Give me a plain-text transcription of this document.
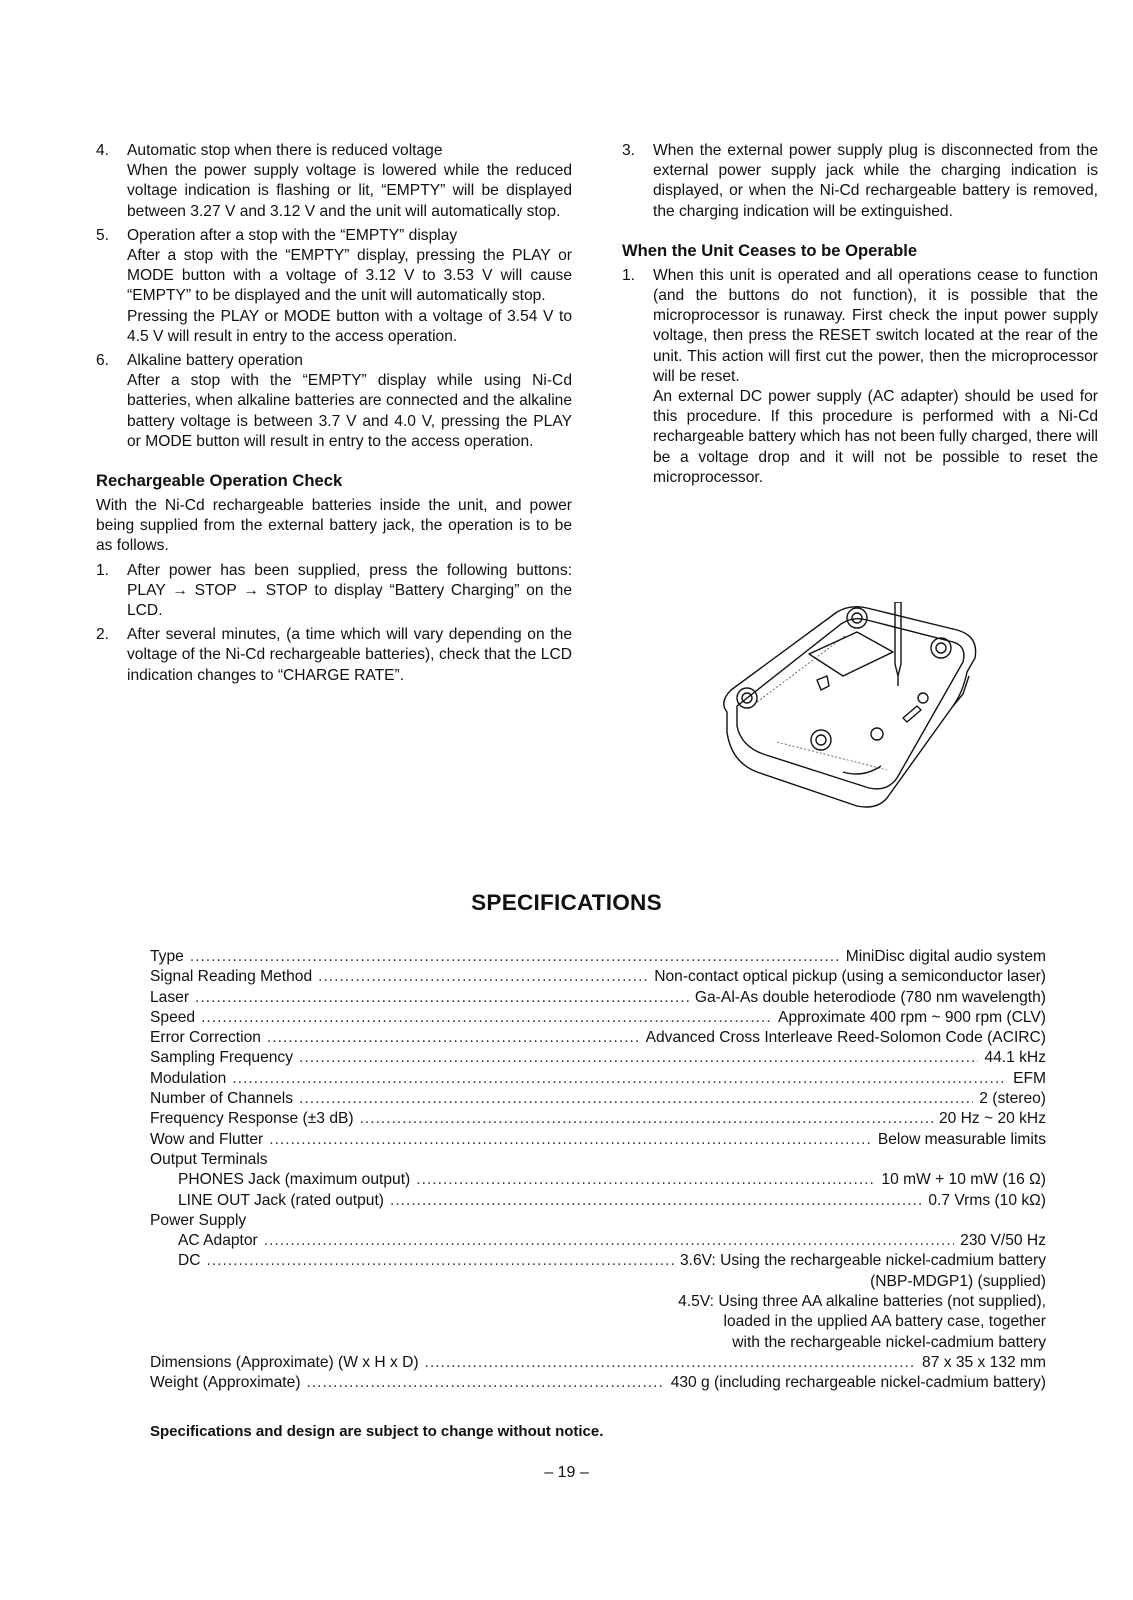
4.	Automatic stop when there is reduced voltage
When the power supply voltage is lowered while the reduced voltage indication is flashing or lit, “EMPTY” will be displayed between 3.27 V and 3.12 V and the unit will automatically stop.
5.	Operation after a stop with the “EMPTY” display
After a stop with the “EMPTY” display, pressing the PLAY or MODE button with a voltage of 3.12 V to 3.53 V will cause “EMPTY” to be displayed and the unit will automatically stop.
Pressing the PLAY or MODE button with a voltage of 3.54 V to 4.5 V will result in entry to the access operation.
6.	Alkaline battery operation
After a stop with the “EMPTY” display while using Ni-Cd batteries, when alkaline batteries are connected and the alkaline battery voltage is between 3.7 V and 4.0 V, pressing the PLAY or MODE button will result in entry to the access operation.
Rechargeable Operation Check
With the Ni-Cd rechargeable batteries inside the unit, and power being supplied from the external battery jack, the operation is to be as follows.
1.	After power has been supplied, press the following buttons: PLAY → STOP → STOP to display “Battery Charging” on the LCD.
2.	After several minutes, (a time which will vary depending on the voltage of the Ni-Cd rechargeable batteries), check that the LCD indication changes to “CHARGE RATE”.
3.	When the external power supply plug is disconnected from the external power supply jack while the charging indication is displayed, or when the Ni-Cd rechargeable battery is removed, the charging indication will be extinguished.
When the Unit Ceases to be Operable
1.	When this unit is operated and all operations cease to function (and the buttons do not function), it is possible that the microprocessor is runaway. First check the input power supply voltage, then press the RESET switch located at the rear of the unit. This action will first cut the power, then the microprocessor will be reset.
An external DC power supply (AC adapter) should be used for this procedure. If this procedure is performed with a Ni-Cd rechargeable battery which has not been fully charged, there will be a voltage drop and it will not be possible to reset the microprocessor.
SPECIFICATIONS
Type .....	MiniDisc digital audio system
Signal Reading Method .....	Non-contact optical pickup (using a semiconductor laser)
Laser .....	Ga-Al-As double heterodiode (780 nm wavelength)
Speed .....	Approximate 400 rpm ~ 900 rpm (CLV)
Error Correction .....	Advanced Cross Interleave Reed-Solomon Code (ACIRC)
Sampling Frequency .....	44.1 kHz
Modulation .....	EFM
Number of Channels .....	2 (stereo)
Frequency Response (±3 dB) .....	20 Hz ~ 20 kHz
Wow and Flutter .....	Below measurable limits
Output Terminals
PHONES Jack (maximum output) .....	10 mW + 10 mW (16 Ω)
LINE OUT Jack (rated output) .....	0.7 Vrms (10 kΩ)
Power Supply
AC Adaptor .....	230 V/50 Hz
DC .....	3.6V: Using the rechargeable nickel-cadmium battery
(NBP-MDGP1) (supplied)
4.5V: Using three AA alkaline batteries (not supplied),
loaded in the upplied AA battery case, together
with the rechargeable nickel-cadmium battery
Dimensions (Approximate) (W x H x D) .....	87 x 35 x 132 mm
Weight (Approximate) .....	430 g (including rechargeable nickel-cadmium battery)
Specifications and design are subject to change without notice.
– 19 –
